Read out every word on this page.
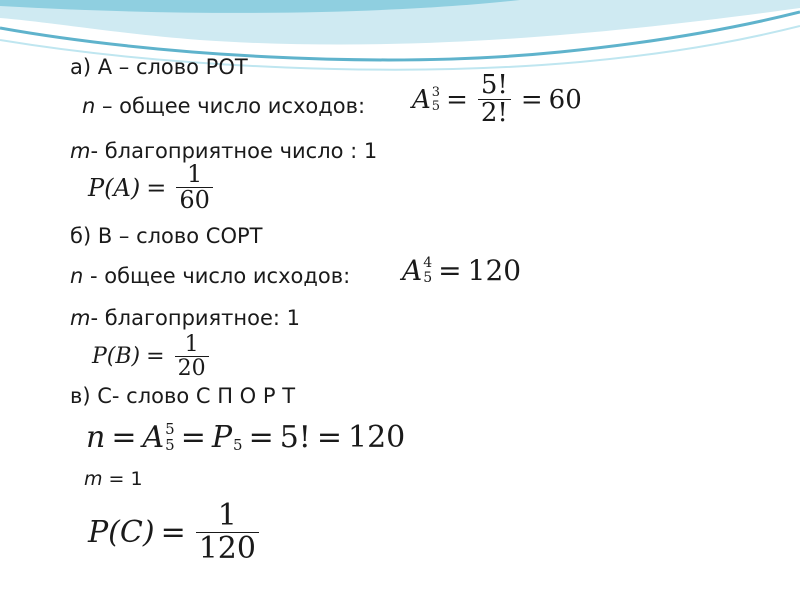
а) А – слово РОТ
n – общее число исходов: A 3
$5 = \frac{5!}{2!} = 60$
m- благоприятное число : 1
$P(A) = \frac{1}{60}$
б) В – слово СОРТ
n - общее число исходов: A 4
5 = 120
m- благоприятное: 1
$P(B) = \frac{1}{20}$
в) С- слово С П О Р Т
n = A 5
5 = P 5 = 5! = 120
m = 1
$P(C) = \frac{1}{120}$
